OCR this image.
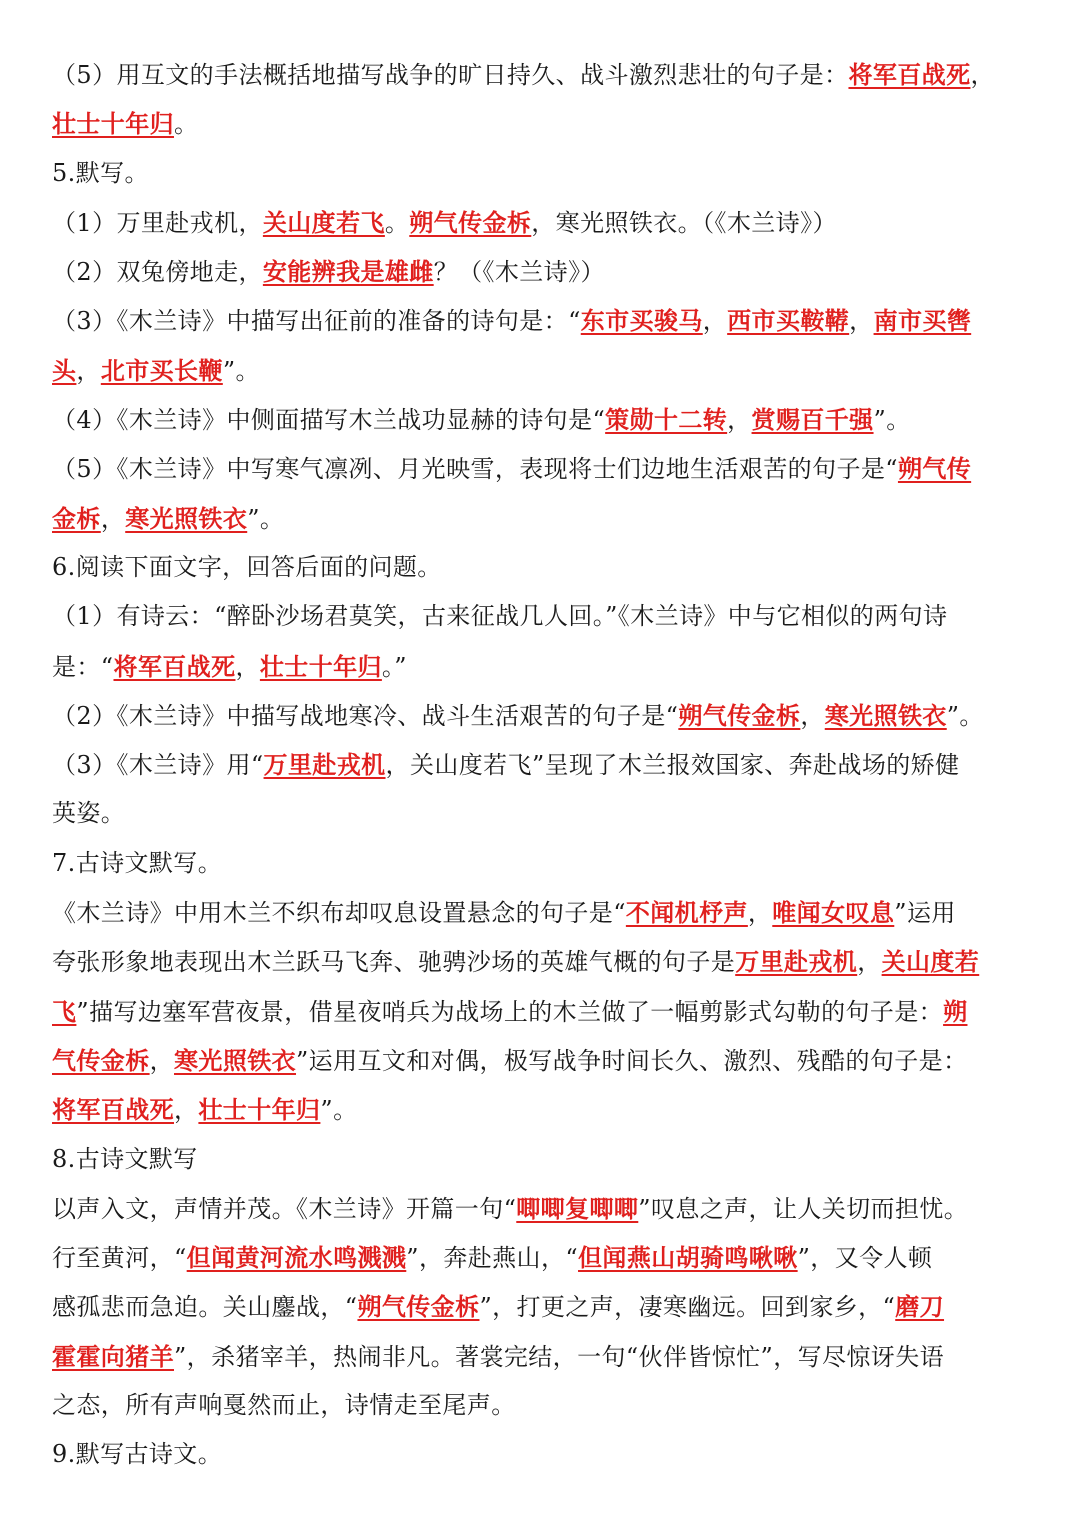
（5）用互文的手法概括地描写战争的旷日持久、战斗激烈悲壮的句子是：将军百战死，
壮士十年归。
5.默写。
（1）万里赴戎机，关山度若飞。朔气传金柝，寒光照铁衣。（《木兰诗》）
（2）双兔傍地走，安能辨我是雄雌？（《木兰诗》）
（3）《木兰诗》中描写出征前的准备的诗句是：“东市买骏马，西市买鞍鞯，南市买辔
头，北市买长鞭”。
（4）《木兰诗》中侧面描写木兰战功显赫的诗句是“策勋十二转，赏赐百千强”。
（5）《木兰诗》中写寒气凛冽、月光映雪，表现将士们边地生活艰苦的句子是“朔气传
金柝，寒光照铁衣”。
6.阅读下面文字，回答后面的问题。
（1）有诗云：“醉卧沙场君莫笑，古来征战几人回。”《木兰诗》中与它相似的两句诗
是：“将军百战死，壮士十年归。”
（2）《木兰诗》中描写战地寒冷、战斗生活艰苦的句子是“朔气传金柝，寒光照铁衣”。
（3）《木兰诗》用“万里赴戎机，关山度若飞”呈现了木兰报效国家、奔赴战场的矫健
英姿。
7.古诗文默写。
《木兰诗》中用木兰不织布却叹息设置悬念的句子是“不闻机杼声，唯闻女叹息”运用
夸张形象地表现出木兰跃马飞奔、驰骋沙场的英雄气概的句子是万里赴戎机，关山度若
飞”描写边塞军营夜景，借星夜哨兵为战场上的木兰做了一幅剪影式勾勒的句子是：朔
气传金柝，寒光照铁衣”运用互文和对偶，极写战争时间长久、激烈、残酷的句子是：
将军百战死，壮士十年归”。
8.古诗文默写
以声入文，声情并茂。《木兰诗》开篇一句“唧唧复唧唧”叹息之声，让人关切而担忧。
行至黄河，“但闻黄河流水鸣溅溅”，奔赴燕山，“但闻燕山胡骑鸣啾啾”，又令人顿
感孤悲而急迫。关山鏖战，“朔气传金柝”，打更之声，凄寒幽远。回到家乡，“磨刀
霍霍向猪羊”，杀猪宰羊，热闹非凡。著裳完结，一句“伙伴皆惊忙”，写尽惊讶失语
之态，所有声响戛然而止，诗情走至尾声。
9.默写古诗文。
